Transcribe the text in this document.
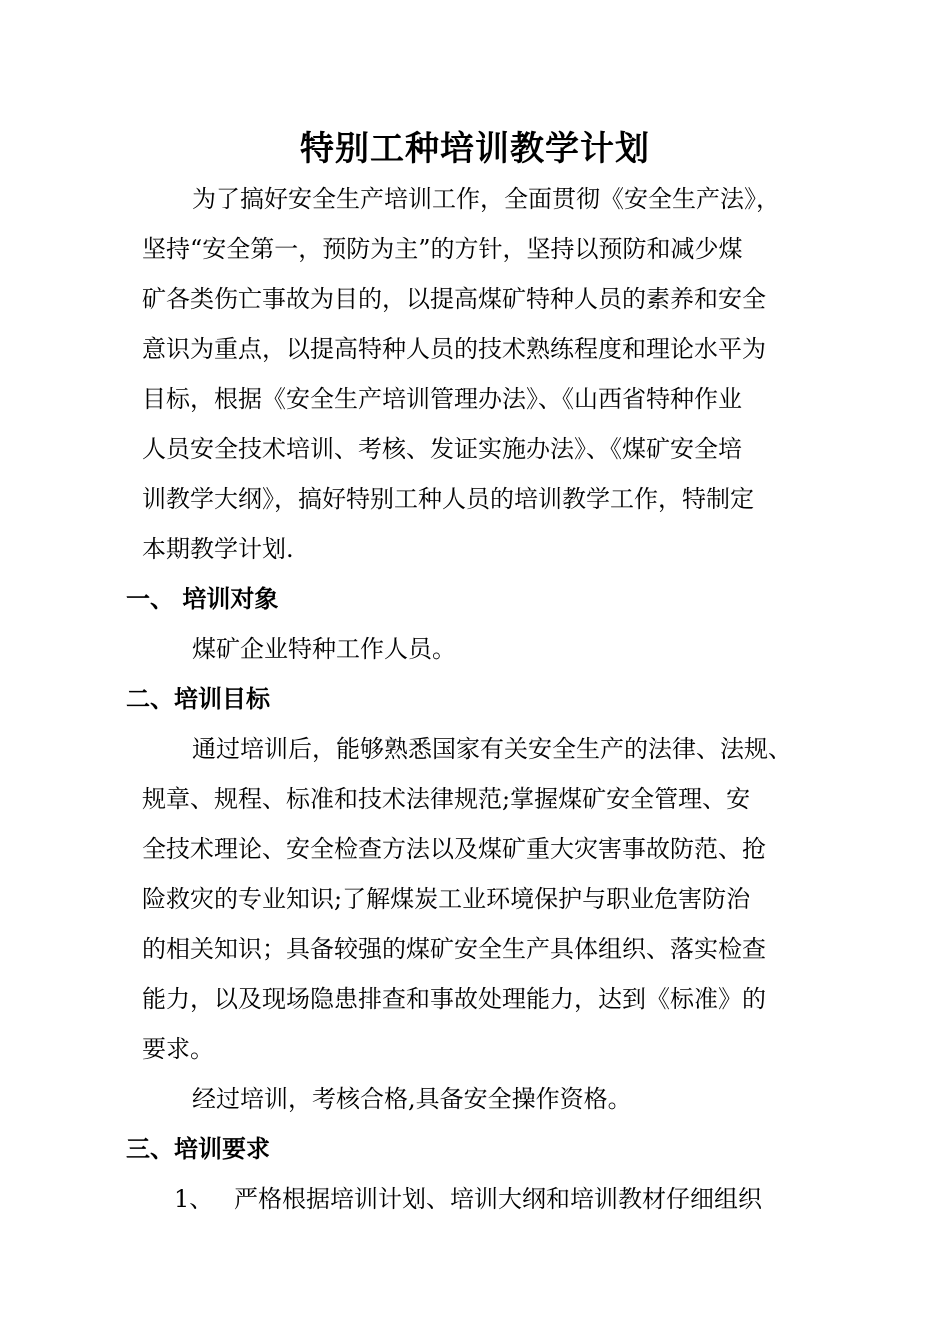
特别工种培训教学计划
为了搞好安全生产培训工作，全面贯彻《安全生产法》，
坚持“安全第一，预防为主”的方针，坚持以预防和减少煤
矿各类伤亡事故为目的，以提高煤矿特种人员的素养和安全
意识为重点，以提高特种人员的技术熟练程度和理论水平为
目标，根据《安全生产培训管理办法》、《山西省特种作业
人员安全技术培训、考核、发证实施办法》、《煤矿安全培
训教学大纲》，搞好特别工种人员的培训教学工作，特制定
本期教学计划.
一、 培训对象
煤矿企业特种工作人员。
二、培训目标
通过培训后，能够熟悉国家有关安全生产的法律、法规、
规章、规程、标准和技术法律规范;掌握煤矿安全管理、安
全技术理论、安全检查方法以及煤矿重大灾害事故防范、抢
险救灾的专业知识;了解煤炭工业环境保护与职业危害防治
的相关知识；具备较强的煤矿安全生产具体组织、落实检查
能力，以及现场隐患排查和事故处理能力，达到《标准》的
要求。
经过培训，考核合格,具备安全操作资格。
三、培训要求
1、 严格根据培训计划、培训大纲和培训教材仔细组织
